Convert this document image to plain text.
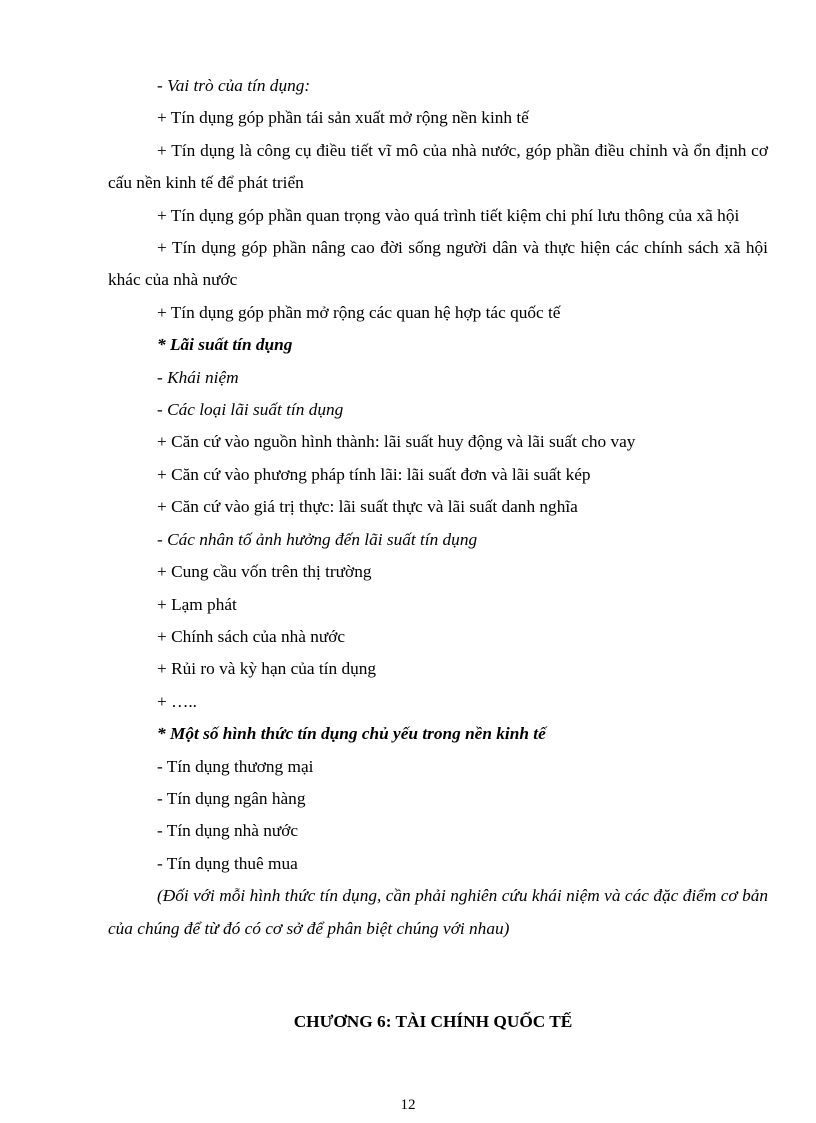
- Vai trò của tín dụng:

+ Tín dụng góp phần tái sản xuất mở rộng nền kinh tế

+ Tín dụng là công cụ điều tiết vĩ mô của nhà nước, góp phần điều chỉnh và ổn định cơ cấu nền kinh tế để phát triển

+ Tín dụng góp phần quan trọng vào quá trình tiết kiệm chi phí lưu thông của xã hội

+ Tín dụng góp phần nâng cao đời sống người dân và thực hiện các chính sách xã hội khác của nhà nước

+ Tín dụng góp phần mở rộng các quan hệ hợp tác quốc tế

* Lãi suất tín dụng

- Khái niệm

- Các loại lãi suất tín dụng

+ Căn cứ vào nguồn hình thành: lãi suất huy động và lãi suất cho vay

+ Căn cứ vào phương pháp tính lãi: lãi suất đơn và lãi suất kép

+ Căn cứ vào giá trị thực: lãi suất thực và lãi suất danh nghĩa

- Các nhân tố ảnh hưởng đến lãi suất tín dụng

+ Cung cầu vốn trên thị trường

+ Lạm phát

+ Chính sách của nhà nước

+ Rủi ro và kỳ hạn của tín dụng

+ …..

* Một số hình thức tín dụng chủ yếu trong nền kinh tế

- Tín dụng thương mại

- Tín dụng ngân hàng

- Tín dụng nhà nước

- Tín dụng thuê mua

(Đối với mỗi hình thức tín dụng, cần phải nghiên cứu khái niệm và các đặc điểm cơ bản của chúng để từ đó có cơ sở để phân biệt chúng với nhau)

CHƯƠNG 6: TÀI CHÍNH QUỐC TẾ
12
